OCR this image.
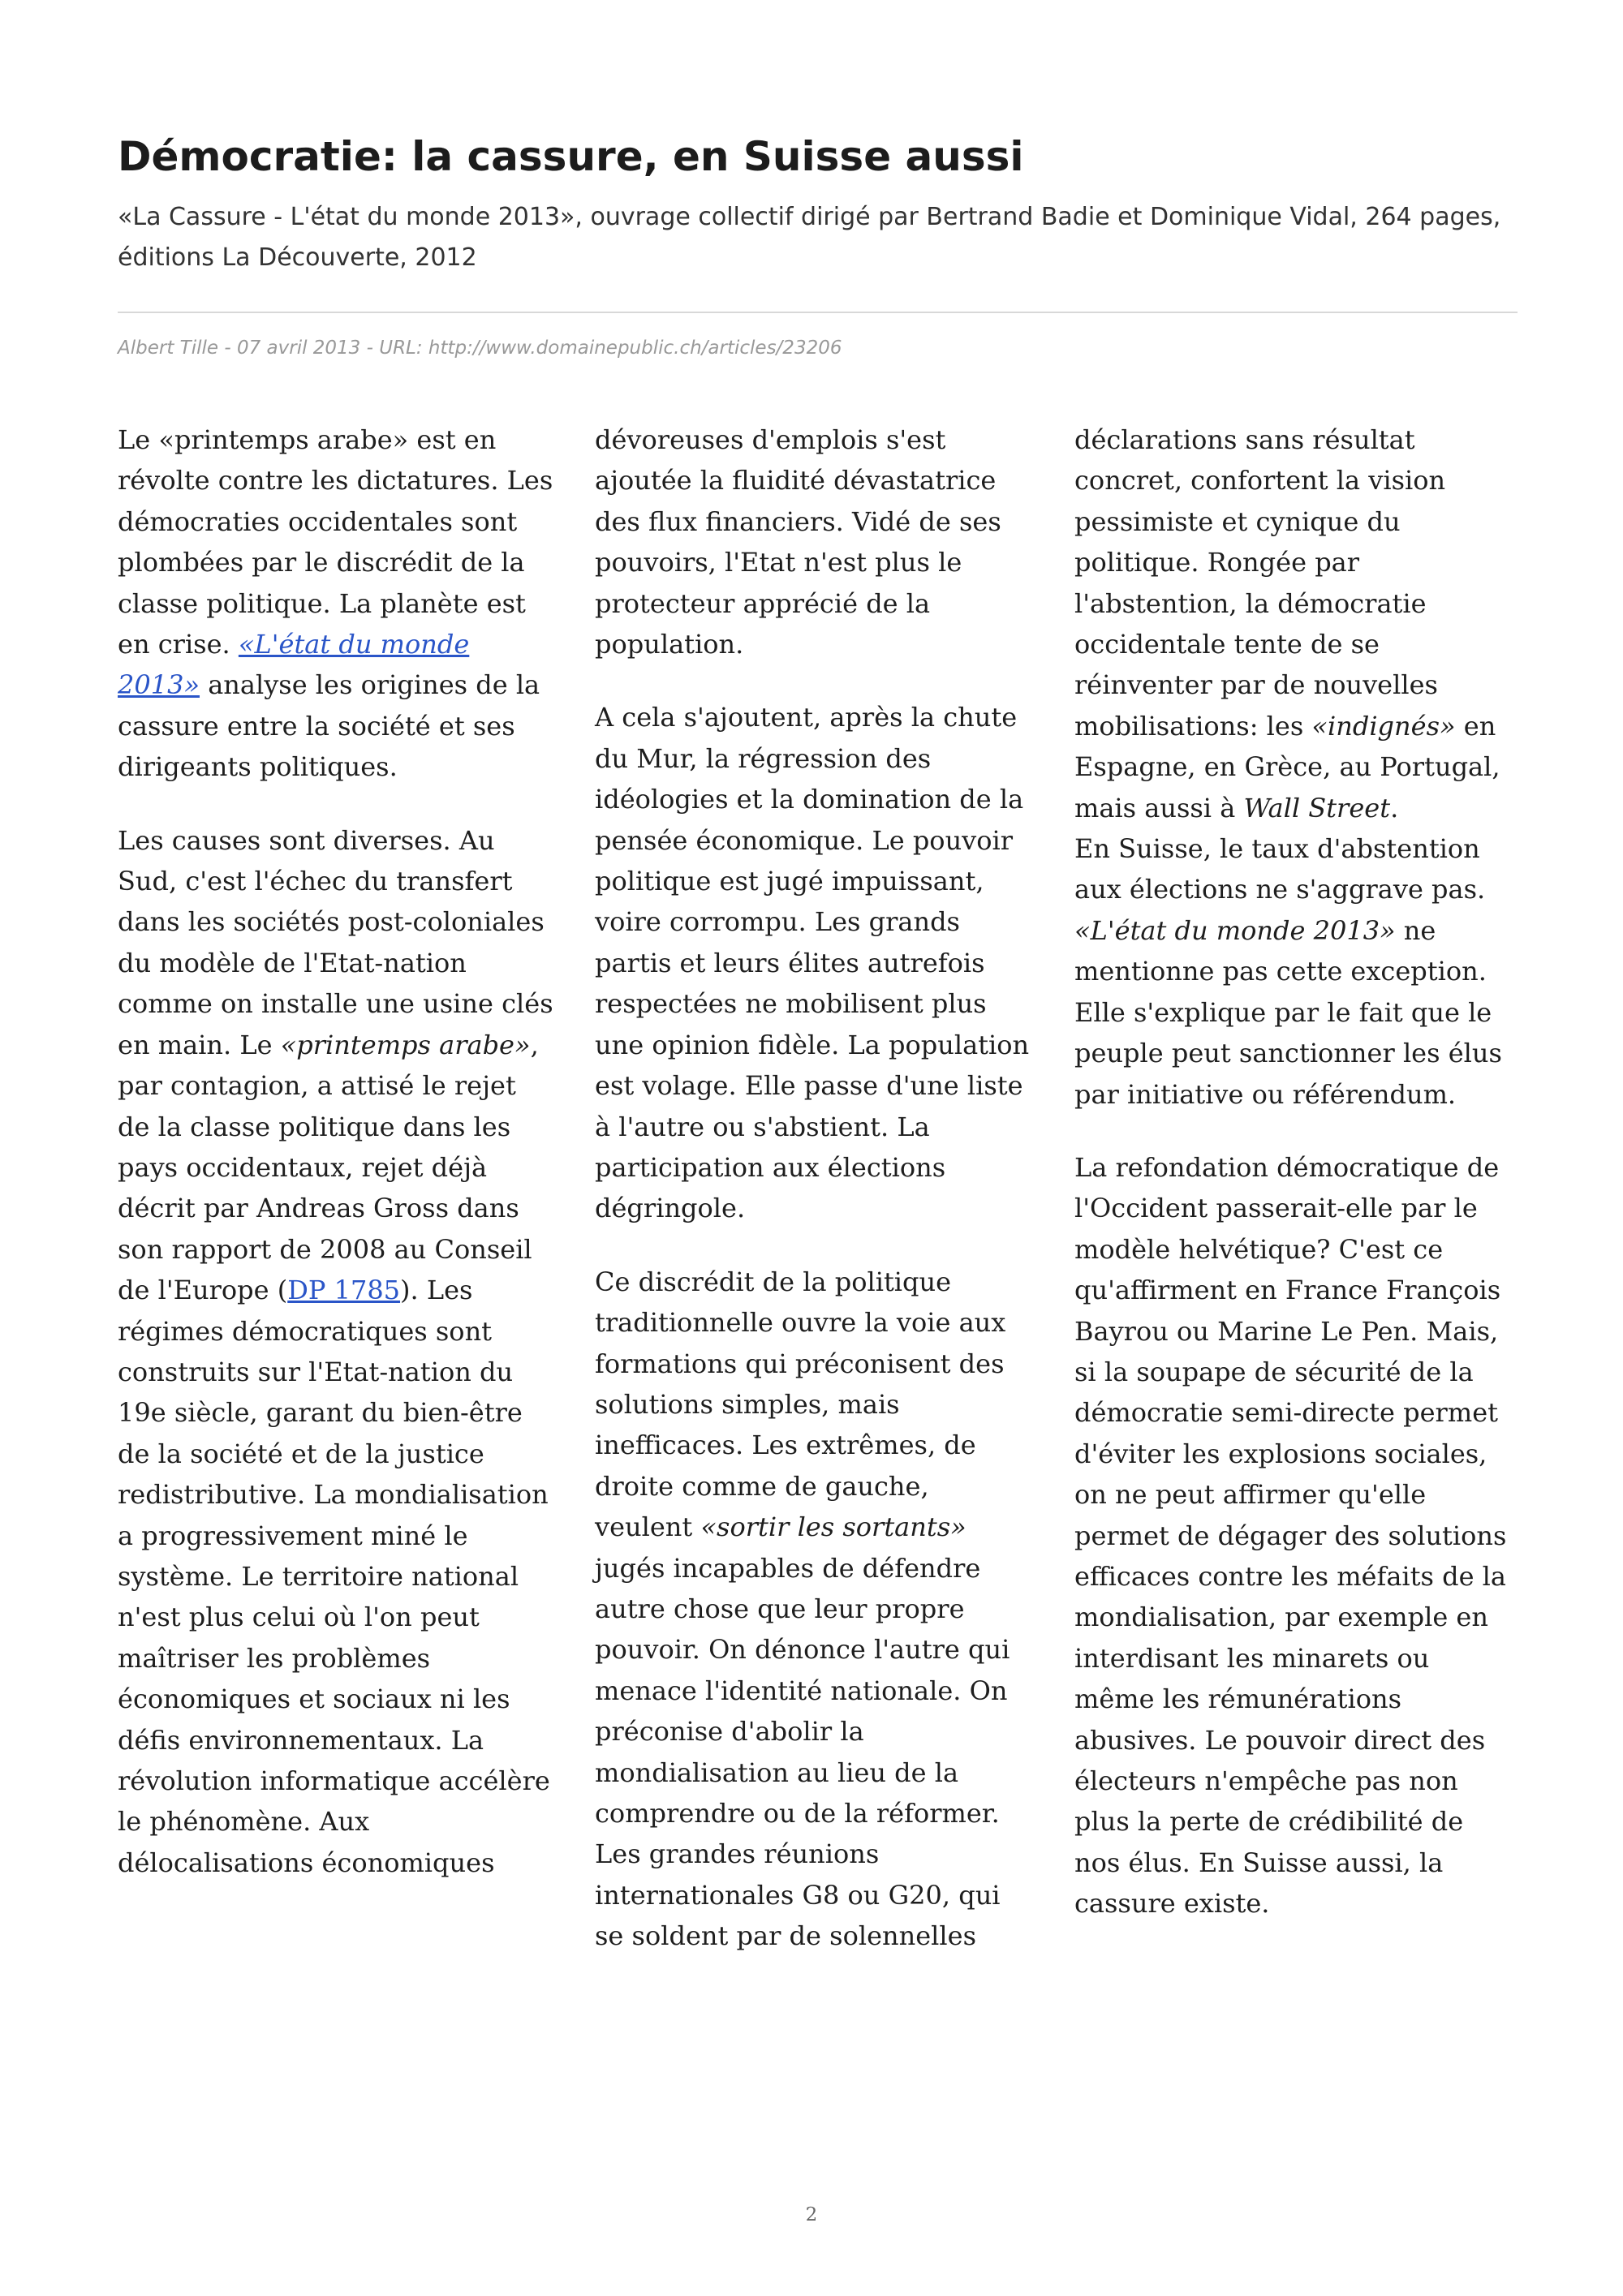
Démocratie: la cassure, en Suisse aussi

«La Cassure - L'état du monde 2013», ouvrage collectif dirigé par Bertrand Badie et Dominique Vidal, 264 pages, éditions La Découverte, 2012

Albert Tille - 07 avril 2013 - URL: http://www.domainepublic.ch/articles/23206

Le «printemps arabe» est en révolte contre les dictatures. Les démocraties occidentales sont plombées par le discrédit de la classe politique. La planète est en crise. «L'état du monde 2013» analyse les origines de la cassure entre la société et ses dirigeants politiques.

Les causes sont diverses. Au Sud, c'est l'échec du transfert dans les sociétés post-coloniales du modèle de l'Etat-nation comme on installe une usine clés en main. Le «printemps arabe», par contagion, a attisé le rejet de la classe politique dans les pays occidentaux, rejet déjà décrit par Andreas Gross dans son rapport de 2008 au Conseil de l'Europe (DP 1785). Les régimes démocratiques sont construits sur l'Etat-nation du 19e siècle, garant du bien-être de la société et de la justice redistributive. La mondialisation a progressivement miné le système. Le territoire national n'est plus celui où l'on peut maîtriser les problèmes économiques et sociaux ni les défis environnementaux. La révolution informatique accélère le phénomène. Aux délocalisations économiques

dévoreuses d'emplois s'est ajoutée la fluidité dévastatrice des flux financiers. Vidé de ses pouvoirs, l'Etat n'est plus le protecteur apprécié de la population.

A cela s'ajoutent, après la chute du Mur, la régression des idéologies et la domination de la pensée économique. Le pouvoir politique est jugé impuissant, voire corrompu. Les grands partis et leurs élites autrefois respectées ne mobilisent plus une opinion fidèle. La population est volage. Elle passe d'une liste à l'autre ou s'abstient. La participation aux élections dégringole.

Ce discrédit de la politique traditionnelle ouvre la voie aux formations qui préconisent des solutions simples, mais inefficaces. Les extrêmes, de droite comme de gauche, veulent «sortir les sortants» jugés incapables de défendre autre chose que leur propre pouvoir. On dénonce l'autre qui menace l'identité nationale. On préconise d'abolir la mondialisation au lieu de la comprendre ou de la réformer. Les grandes réunions internationales G8 ou G20, qui se soldent par de solennelles

déclarations sans résultat concret, confortent la vision pessimiste et cynique du politique. Rongée par l'abstention, la démocratie occidentale tente de se réinventer par de nouvelles mobilisations: les «indignés» en Espagne, en Grèce, au Portugal, mais aussi à Wall Street.
En Suisse, le taux d'abstention aux élections ne s'aggrave pas. «L'état du monde 2013» ne mentionne pas cette exception. Elle s'explique par le fait que le peuple peut sanctionner les élus par initiative ou référendum.

La refondation démocratique de l'Occident passerait-elle par le modèle helvétique? C'est ce qu'affirment en France François Bayrou ou Marine Le Pen. Mais, si la soupape de sécurité de la démocratie semi-directe permet d'éviter les explosions sociales, on ne peut affirmer qu'elle permet de dégager des solutions efficaces contre les méfaits de la mondialisation, par exemple en interdisant les minarets ou même les rémunérations abusives. Le pouvoir direct des électeurs n'empêche pas non plus la perte de crédibilité de nos élus. En Suisse aussi, la cassure existe.

2
